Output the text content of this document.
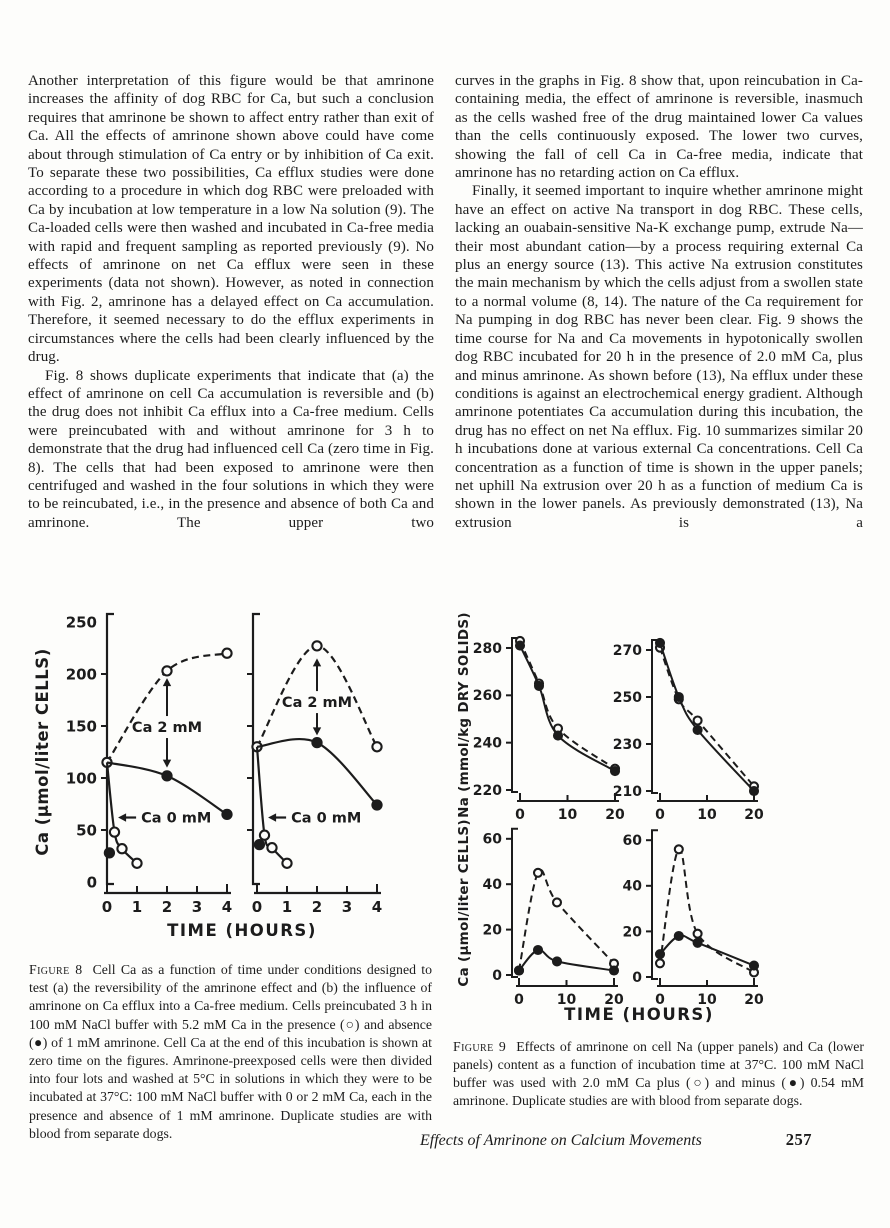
Another interpretation of this figure would be that amrinone increases the affinity of dog RBC for Ca, but such a conclusion requires that amrinone be shown to affect entry rather than exit of Ca. All the effects of amrinone shown above could have come about through stimulation of Ca entry or by inhibition of Ca exit. To separate these two possibilities, Ca efflux studies were done according to a procedure in which dog RBC were preloaded with Ca by incubation at low temperature in a low Na solution (9). The Ca-loaded cells were then washed and incubated in Ca-free media with rapid and frequent sampling as reported previously (9). No effects of amrinone on net Ca efflux were seen in these experiments (data not shown). However, as noted in connection with Fig. 2, amrinone has a delayed effect on Ca accumulation. Therefore, it seemed necessary to do the efflux experiments in circumstances where the cells had been clearly influenced by the drug.

Fig. 8 shows duplicate experiments that indicate that (a) the effect of amrinone on cell Ca accumulation is reversible and (b) the drug does not inhibit Ca efflux into a Ca-free medium. Cells were preincubated with and without amrinone for 3 h to demonstrate that the drug had influenced cell Ca (zero time in Fig. 8). The cells that had been exposed to amrinone were then centrifuged and washed in the four solutions in which they were to be reincubated, i.e., in the presence and absence of both Ca and amrinone. The upper two

curves in the graphs in Fig. 8 show that, upon reincubation in Ca-containing media, the effect of amrinone is reversible, inasmuch as the cells washed free of the drug maintained lower Ca values than the cells continuously exposed. The lower two curves, showing the fall of cell Ca in Ca-free media, indicate that amrinone has no retarding action on Ca efflux.

Finally, it seemed important to inquire whether amrinone might have an effect on active Na transport in dog RBC. These cells, lacking an ouabain-sensitive Na-K exchange pump, extrude Na—their most abundant cation—by a process requiring external Ca plus an energy source (13). This active Na extrusion constitutes the main mechanism by which the cells adjust from a swollen state to a normal volume (8, 14). The nature of the Ca requirement for Na pumping in dog RBC has never been clear. Fig. 9 shows the time course for Na and Ca movements in hypotonically swollen dog RBC incubated for 20 h in the presence of 2.0 mM Ca, plus and minus amrinone. As shown before (13), Na efflux under these conditions is against an electrochemical energy gradient. Although amrinone potentiates Ca accumulation during this incubation, the drug has no effect on net Na efflux. Fig. 10 summarizes similar 20 h incubations done at various external Ca concentrations. Cell Ca concentration as a function of time is shown in the upper panels; net uphill Na extrusion over 20 h as a function of medium Ca is shown in the lower panels. As previously demonstrated (13), Na extrusion is a

Ca (μmol/liter CELLS)
0
50
100
150
200
250
0 1 2 3 4
Ca 2 mM
Ca 0 mM
0 1 2 3 4
Ca 2 mM
Ca 0 mM
TIME (HOURS)
Figure 8 Cell Ca as a function of time under conditions designed to test (a) the reversibility of the amrinone effect and (b) the influence of amrinone on Ca efflux into a Ca-free medium. Cells preincubated 3 h in 100 mM NaCl buffer with 5.2 mM Ca in the presence (○) and absence (●) of 1 mM amrinone. Cell Ca at the end of this incubation is shown at zero time on the figures. Amrinone-preexposed cells were then divided into four lots and washed at 5°C in solutions in which they were to be incubated at 37°C: 100 mM NaCl buffer with 0 or 2 mM Ca, each in the presence and absence of 1 mM amrinone. Duplicate studies are with blood from separate dogs.
220
240
260
280
0 10 20
Na (mmol/kg DRY SOLIDS)	210
230
250
270
0 10 20
0
20
40
60
0 10 20
Ca (μmol/liter CELLS)	0
20
40
60
0 10 20
TIME (HOURS)
Figure 9 Effects of amrinone on cell Na (upper panels) and Ca (lower panels) content as a function of incubation time at 37°C. 100 mM NaCl buffer was used with 2.0 mM Ca plus (○) and minus (●) 0.54 mM amrinone. Duplicate studies are with blood from separate dogs.
Effects of Amrinone on Calcium Movements	257
